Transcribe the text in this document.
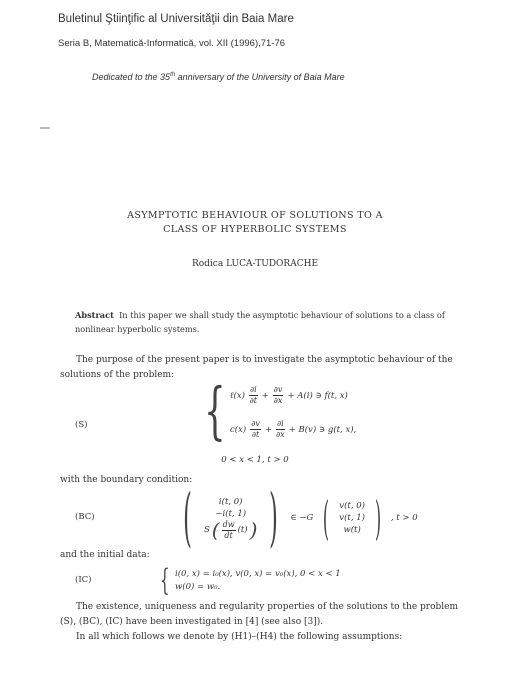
Buletinul Ştiinţific al Universităţii din Baia Mare
Seria B, Matematică-Informatică, vol. XII (1996),71-76
Dedicated to the 35th anniversary of the University of Baia Mare
ASYMPTOTIC BEHAVIOUR OF SOLUTIONS TO A
CLASS OF HYPERBOLIC SYSTEMS
Rodica LUCA-TUDORACHE
Abstract In this paper we shall study the asymptotic behaviour of solutions to a class of nonlinear hyperbolic systems.
The purpose of the present paper is to investigate the asymptotic behaviour of the solutions of the problem:
(S) { ℓ(x) $\frac{\partial i}{\partial t} + \frac{\partial v}{\partial x} + A(i)$ ∋ f(t, x)
$c(x) \frac{\partial v}{\partial t} + \frac{\partial i}{\partial x} + B(v)$ ∋ g(t, x),
0 < x < 1, t > 0
with the boundary condition:
(BC) (	i(t, 0)
−i(t, 1)
S ( $\frac{dw}{dt} (t)$ ) ) ∈ −G ( v(t, 0)
v(t, 1)
w(t) ) , t > 0
and the initial data:
(IC) { i(0, x) = i₀(x), v(0, x) = v₀(x), 0 < x < 1
w(0) = w₀.
The existence, uniqueness and regularity properties of the solutions to the problem (S), (BC), (IC) have been investigated in [4] (see also [3]).
In all which follows we denote by (H1)–(H4) the following assumptions:
